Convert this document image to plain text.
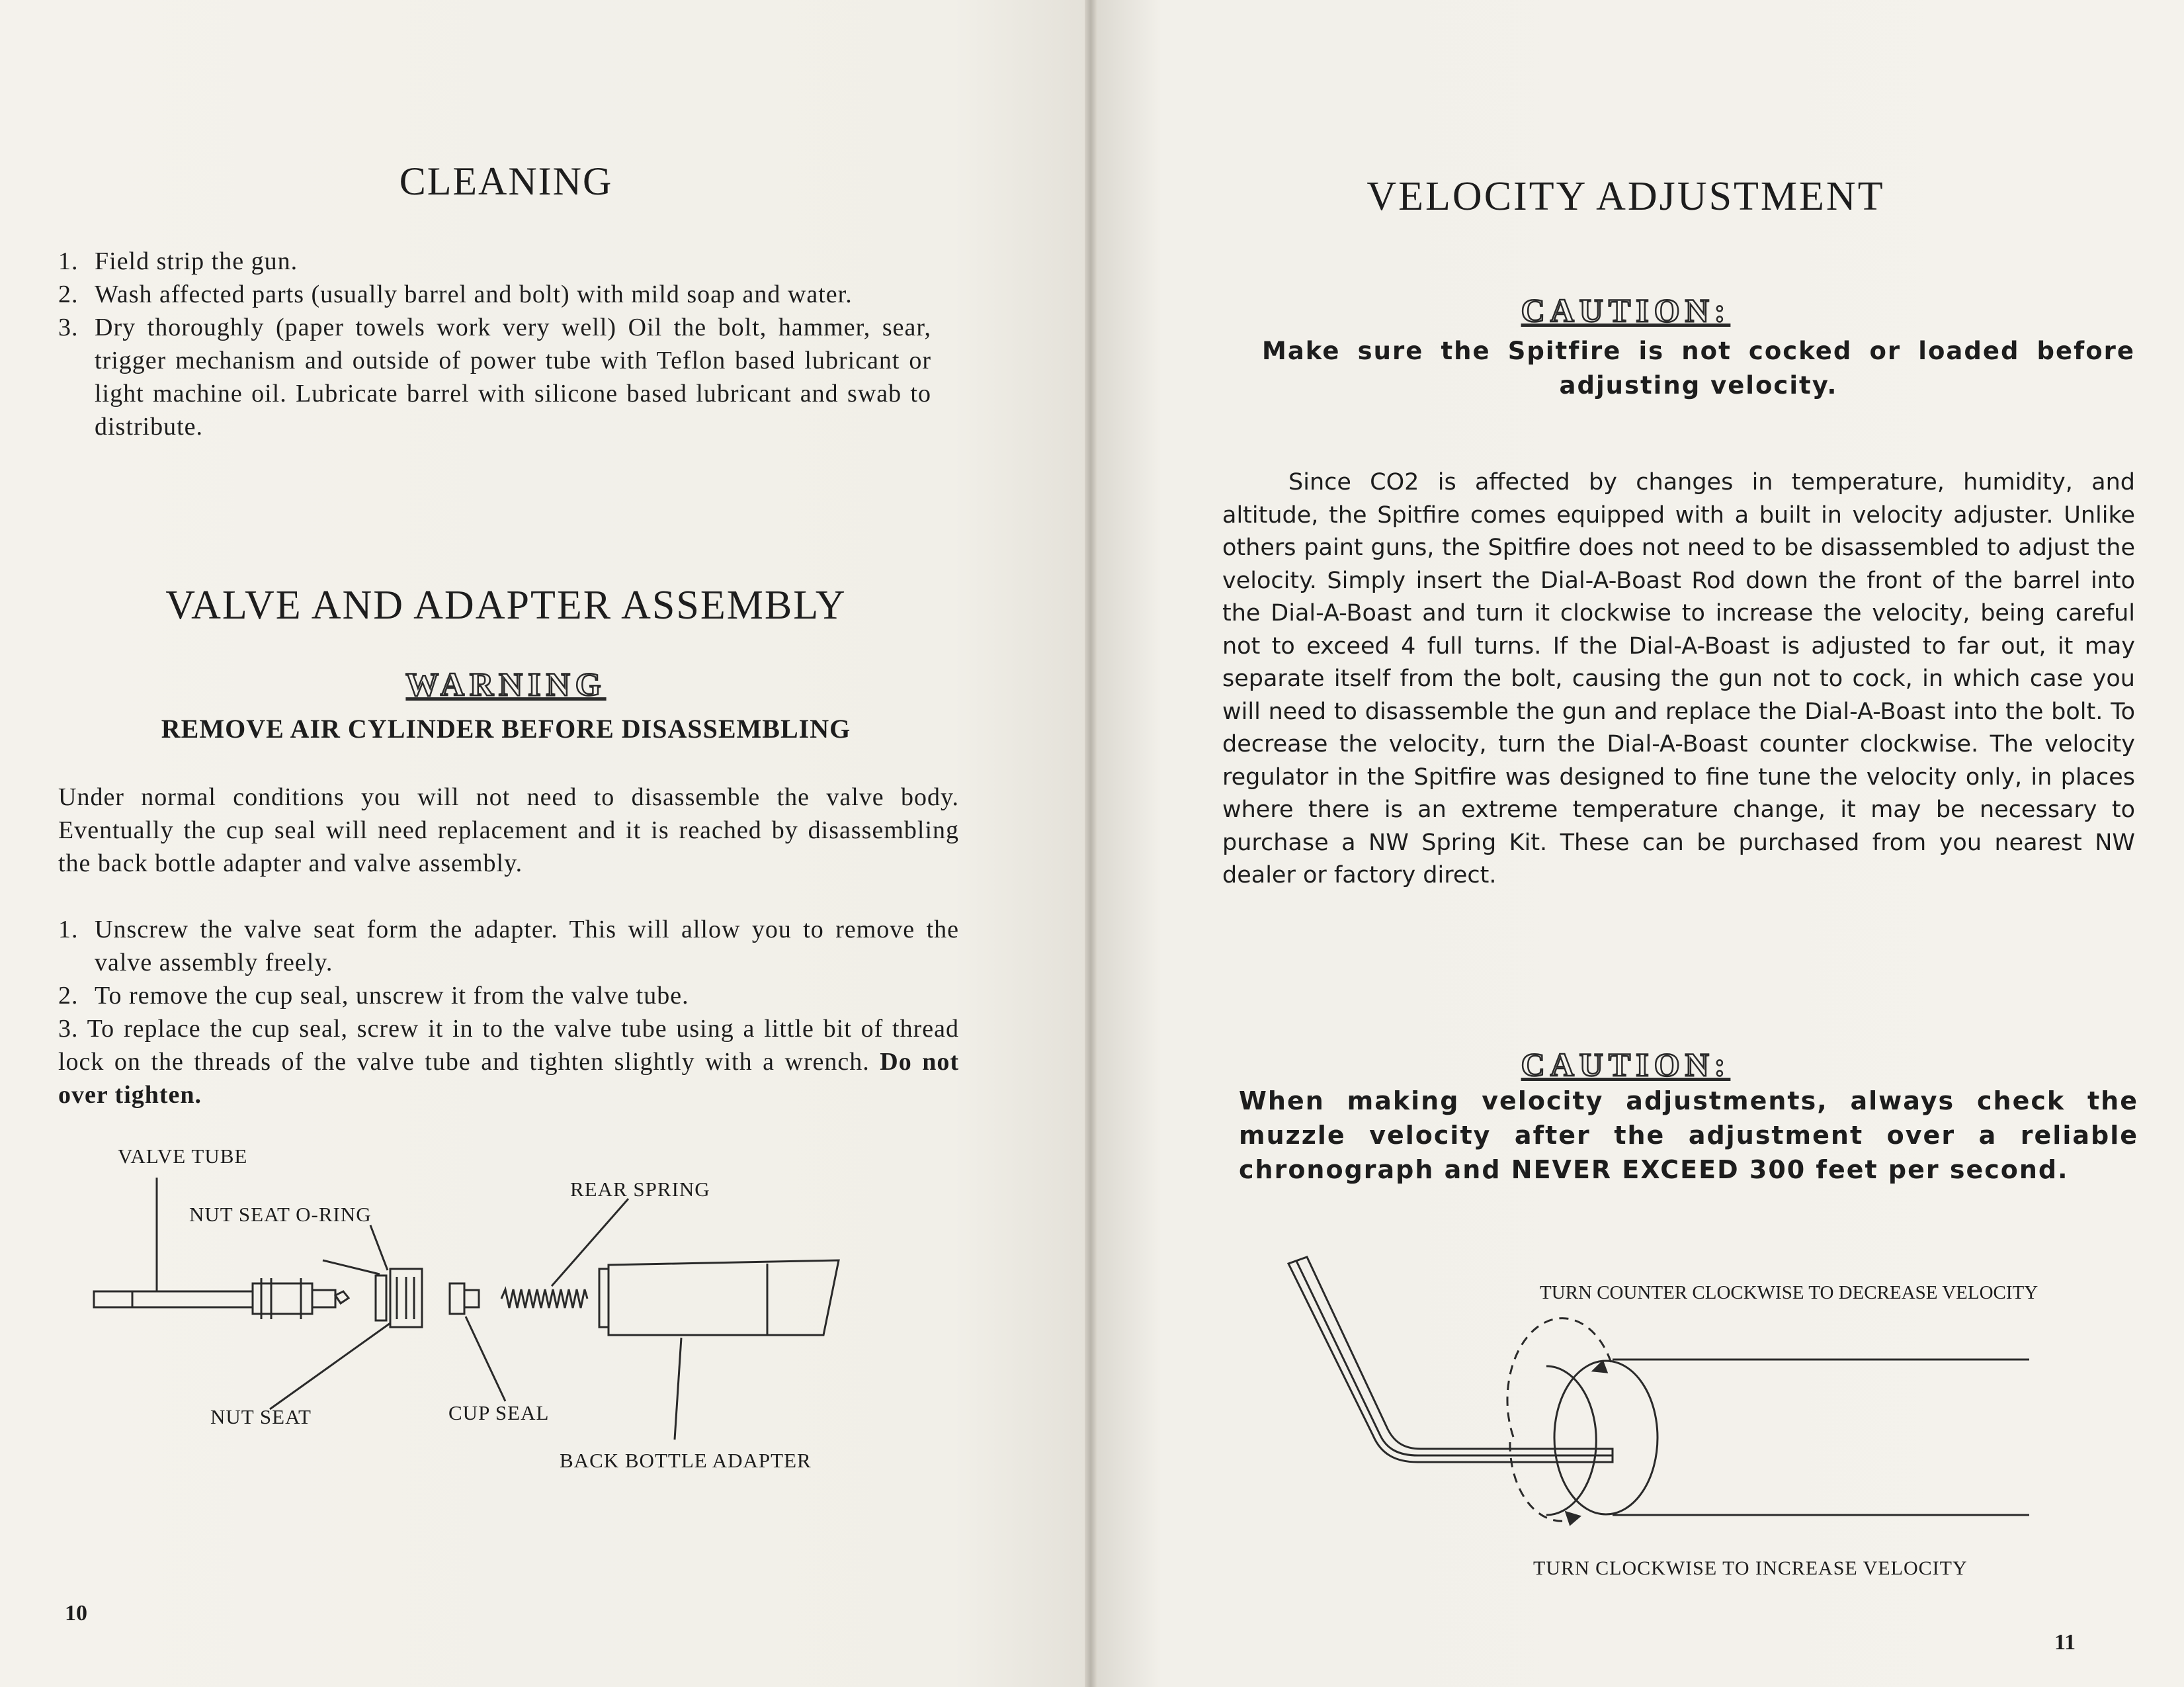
CLEANING
1. Field strip the gun.
2. Wash affected parts (usually barrel and bolt) with mild soap and water.
3. Dry thoroughly (paper towels work very well) Oil the bolt, hammer, sear, trigger mechanism and outside of power tube with Teflon based lubricant or light machine oil. Lubricate barrel with silicone based lubricant and swab to distribute.
VALVE AND ADAPTER ASSEMBLY
WARNING
REMOVE AIR CYLINDER BEFORE DISASSEMBLING
Under normal conditions you will not need to disassemble the valve body. Eventually the cup seal will need replacement and it is reached by disassembling the back bottle adapter and valve assembly.
1. Unscrew the valve seat form the adapter. This will allow you to remove the valve assembly freely.
2. To remove the cup seal, unscrew it from the valve tube.
3. To replace the cup seal, screw it in to the valve tube using a little bit of thread lock on the threads of the valve tube and tighten slightly with a wrench. Do not over tighten.
VALVE TUBE
NUT SEAT O-RING
REAR SPRING
NUT SEAT	CUP SEAL
BACK BOTTLE ADAPTER
10
VELOCITY ADJUSTMENT
CAUTION:
Make sure the Spitfire is not cocked or loaded before adjusting velocity.
Since CO2 is affected by changes in temperature, humidity, and altitude, the Spitfire comes equipped with a built in velocity adjuster. Unlike others paint guns, the Spitfire does not need to be disassembled to adjust the velocity. Simply insert the Dial-A-Boast Rod down the front of the barrel into the Dial-A-Boast and turn it clockwise to increase the velocity, being careful not to exceed 4 full turns. If the Dial-A-Boast is adjusted to far out, it may separate itself from the bolt, causing the gun not to cock, in which case you will need to disassemble the gun and replace the Dial-A-Boast into the bolt. To decrease the velocity, turn the Dial-A-Boast counter clockwise. The velocity regulator in the Spitfire was designed to fine tune the velocity only, in places where there is an extreme temperature change, it may be necessary to purchase a NW Spring Kit. These can be purchased from you nearest NW dealer or factory direct.
CAUTION:
When making velocity adjustments, always check the muzzle velocity after the adjustment over a reliable chronograph and NEVER EXCEED 300 feet per second.
TURN COUNTER CLOCKWISE TO DECREASE VELOCITY
TURN CLOCKWISE TO INCREASE VELOCITY
11
